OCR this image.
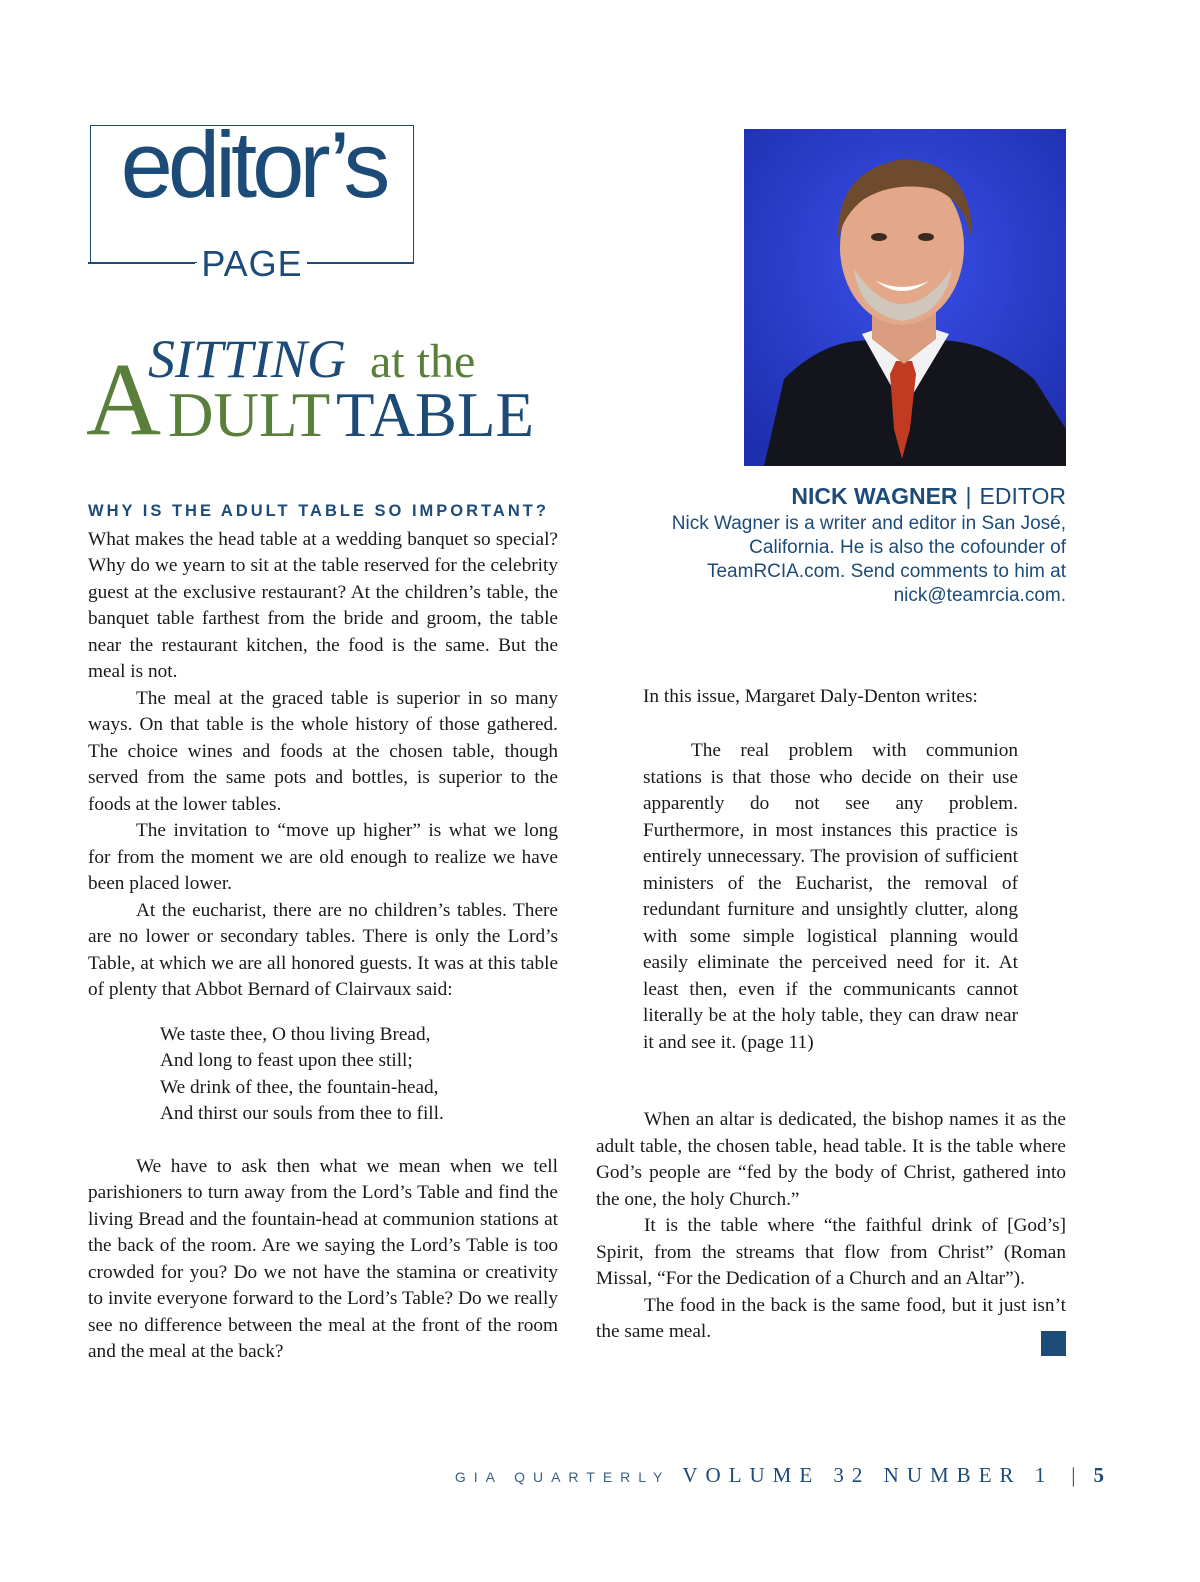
editor’s
PAGE
A
SITTING at the
DULT TABLE
NICK WAGNER | EDITOR
Nick Wagner is a writer and editor in San José, California. He is also the cofounder of TeamRCIA.com. Send comments to him at nick@teamrcia.com.
WHY IS THE ADULT TABLE SO IMPORTANT?

What makes the head table at a wedding banquet so special? Why do we yearn to sit at the table reserved for the celebrity guest at the exclusive restaurant? At the children’s table, the banquet table farthest from the bride and groom, the table near the restaurant kitchen, the food is the same. But the meal is not.

The meal at the graced table is superior in so many ways. On that table is the whole history of those gathered. The choice wines and foods at the chosen table, though served from the same pots and bottles, is superior to the foods at the lower tables.

The invitation to “move up higher” is what we long for from the moment we are old enough to realize we have been placed lower.

At the eucharist, there are no children’s tables. There are no lower or secondary tables. There is only the Lord’s Table, at which we are all honored guests. It was at this table of plenty that Abbot Bernard of Clairvaux said:

We taste thee, O thou living Bread,
And long to feast upon thee still;
We drink of thee, the fountain-head,
And thirst our souls from thee to fill.

We have to ask then what we mean when we tell parishioners to turn away from the Lord’s Table and find the living Bread and the fountain-head at communion stations at the back of the room. Are we saying the Lord’s Table is too crowded for you? Do we not have the stamina or creativity to invite everyone forward to the Lord’s Table? Do we really see no difference between the meal at the front of the room and the meal at the back?

In this issue, Margaret Daly-Denton writes:

The real problem with communion stations is that those who decide on their use apparently do not see any problem. Furthermore, in most instances this practice is entirely unnecessary. The provision of sufficient ministers of the Eucharist, the removal of redundant furniture and unsightly clutter, along with some simple logistical planning would easily eliminate the perceived need for it. At least then, even if the communicants cannot literally be at the holy table, they can draw near it and see it. (page 11)

When an altar is dedicated, the bishop names it as the adult table, the chosen table, head table. It is the table where God’s people are “fed by the body of Christ, gathered into the one, the holy Church.”

It is the table where “the faithful drink of [God’s] Spirit, from the streams that flow from Christ” (Roman Missal, “For the Dedication of a Church and an Altar”).

The food in the back is the same food, but it just isn’t the same meal.

GIA QUARTERLY VOLUME 32 NUMBER 1 | 5
